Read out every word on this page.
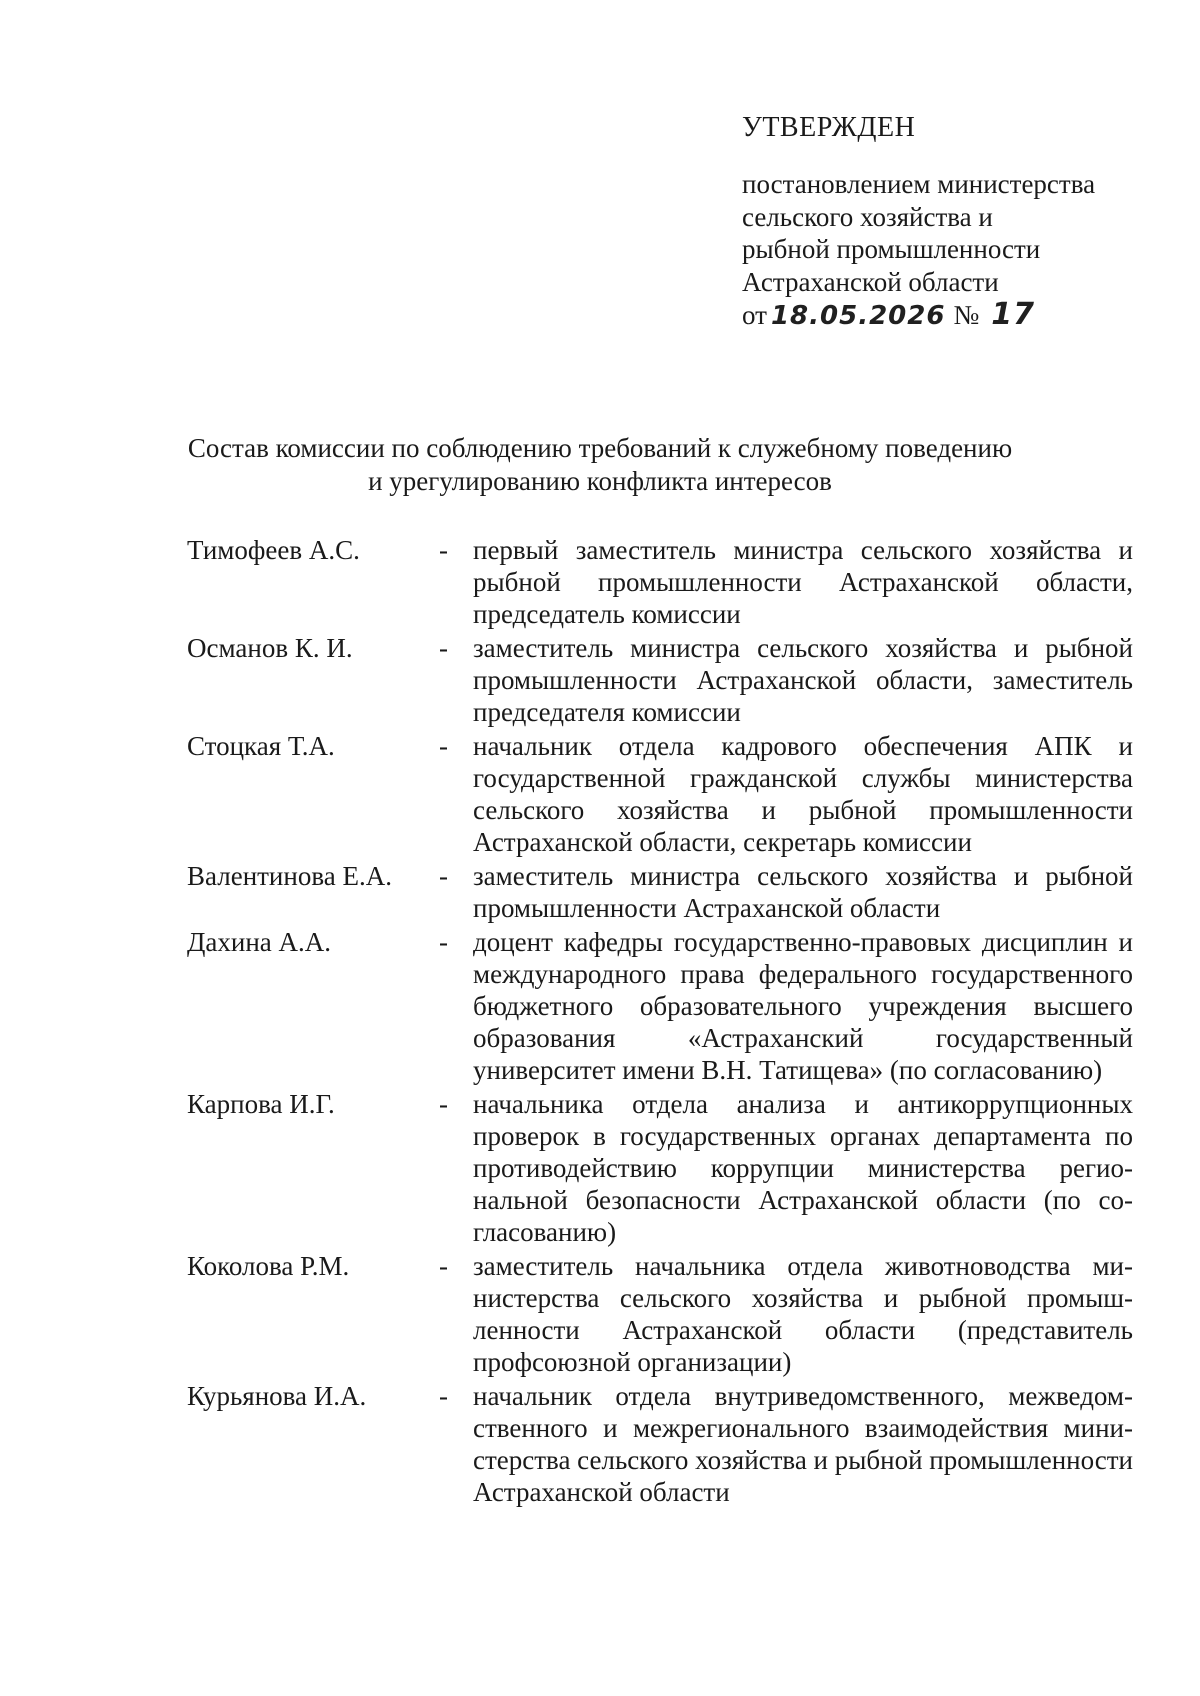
УТВЕРЖДЕН
постановлением министерства
сельского хозяйства и
рыбной промышленности
Астраханской области
от 18.05.2026 № 17
Состав комиссии по соблюдению требований к служебному поведению
и урегулированию конфликта интересов
Тимофеев А.С.	- первый заместитель министра сельского хозяйства и рыбной промышленности Астраханской области, председатель комиссии
Османов К. И.	- заместитель министра сельского хозяйства и рыбной промышленности Астраханской области, заместитель председателя комиссии
Стоцкая Т.А.	- начальник отдела кадрового обеспечения АПК и государственной гражданской службы министерства сельского хозяйства и рыбной промышленности Астраханской области, секретарь комиссии
Валентинова Е.А.	- заместитель министра сельского хозяйства и рыбной промышленности Астраханской области
Дахина А.А.	- доцент кафедры государственно-правовых дисциплин и международного права федерального государственного бюджетного образовательного учреждения высшего образования «Астраханский государственный университет имени В.Н. Татищева» (по согласованию)
Карпова И.Г.	- начальника отдела анализа и антикоррупционных проверок в государственных органах департамента по противодействию коррупции министерства региональной безопасности Астраханской области (по согласованию)
Коколова Р.М.	- заместитель начальника отдела животноводства министерства сельского хозяйства и рыбной промышленности Астраханской области (представитель профсоюзной организации)
Курьянова И.А.	- начальник отдела внутриведомственного, межведомственного и межрегионального взаимодействия министерства сельского хозяйства и рыбной промышленности Астраханской области
